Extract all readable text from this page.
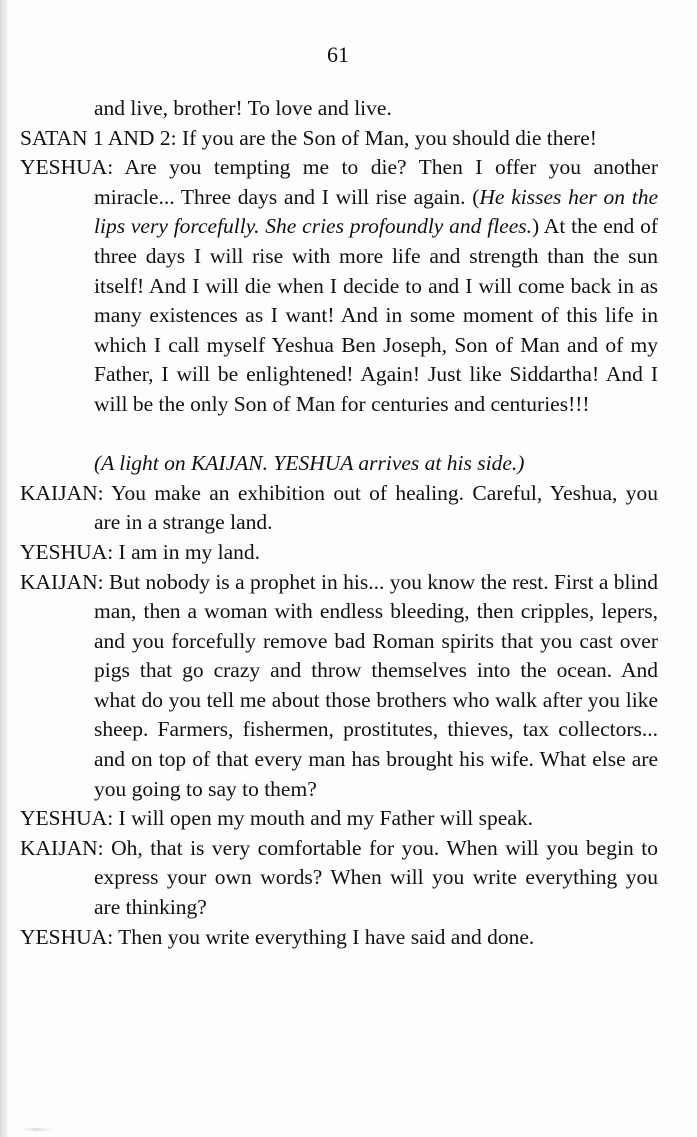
61

and live, brother! To love and live.

SATAN 1 AND 2: If you are the Son of Man, you should die there!

YESHUA: Are you tempting me to die? Then I offer you another miracle... Three days and I will rise again. (He kisses her on the lips very forcefully. She cries profoundly and flees.) At the end of three days I will rise with more life and strength than the sun itself! And I will die when I decide to and I will come back in as many existences as I want! And in some moment of this life in which I call myself Yeshua Ben Joseph, Son of Man and of my Father, I will be enlightened! Again! Just like Siddartha! And I will be the only Son of Man for centuries and centuries!!!

(A light on KAIJAN. YESHUA arrives at his side.)

KAIJAN: You make an exhibition out of healing. Careful, Yeshua, you are in a strange land.

YESHUA: I am in my land.

KAIJAN: But nobody is a prophet in his... you know the rest. First a blind man, then a woman with endless bleeding, then cripples, lepers, and you forcefully remove bad Roman spirits that you cast over pigs that go crazy and throw themselves into the ocean. And what do you tell me about those brothers who walk after you like sheep. Farmers, fishermen, prostitutes, thieves, tax collectors... and on top of that every man has brought his wife. What else are you going to say to them?

YESHUA: I will open my mouth and my Father will speak.

KAIJAN: Oh, that is very comfortable for you. When will you begin to express your own words? When will you write everything you are thinking?

YESHUA: Then you write everything I have said and done.
